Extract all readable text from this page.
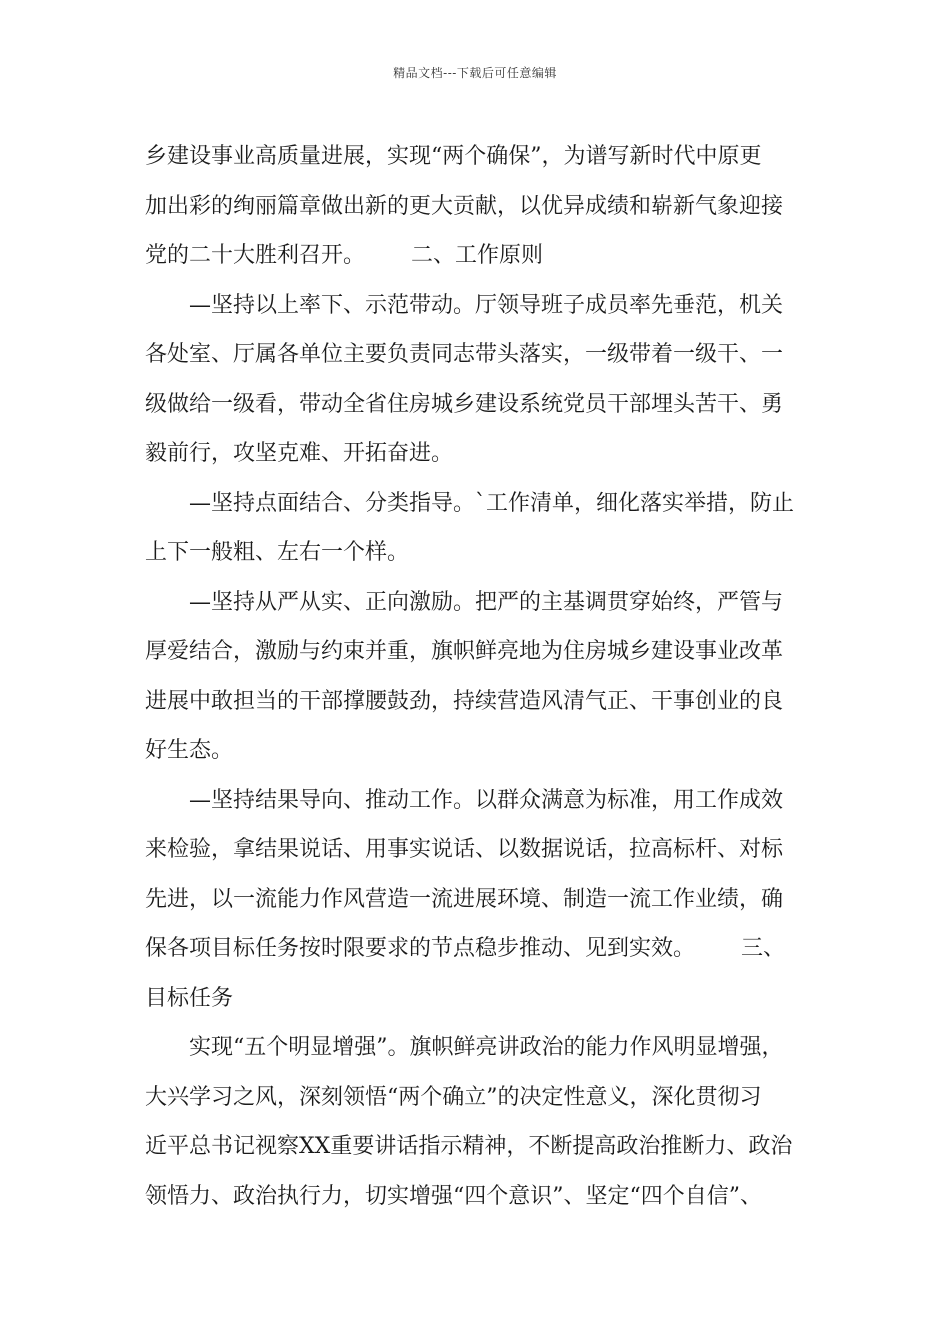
精品文档---下载后可任意编辑
乡建设事业高质量进展，实现“两个确保”，为谱写新时代中原更
加出彩的绚丽篇章做出新的更大贡献，以优异成绩和崭新气象迎接
党的二十大胜利召开。 二、工作原则
—坚持以上率下、示范带动。厅领导班子成员率先垂范，机关
各处室、厅属各单位主要负责同志带头落实，一级带着一级干、一
级做给一级看，带动全省住房城乡建设系统党员干部埋头苦干、勇
毅前行，攻坚克难、开拓奋进。
—坚持点面结合、分类指导。`工作清单，细化落实举措，防止
上下一般粗、左右一个样。
—坚持从严从实、正向激励。把严的主基调贯穿始终，严管与
厚爱结合，激励与约束并重，旗帜鲜亮地为住房城乡建设事业改革
进展中敢担当的干部撑腰鼓劲，持续营造风清气正、干事创业的良
好生态。
—坚持结果导向、推动工作。以群众满意为标准，用工作成效
来检验，拿结果说话、用事实说话、以数据说话，拉高标杆、对标
先进，以一流能力作风营造一流进展环境、制造一流工作业绩，确
保各项目标任务按时限要求的节点稳步推动、见到实效。 三、
目标任务
实现“五个明显增强”。旗帜鲜亮讲政治的能力作风明显增强，
大兴学习之风，深刻领悟“两个确立”的决定性意义，深化贯彻习
近平总书记视察XX重要讲话指示精神，不断提高政治推断力、政治
领悟力、政治执行力，切实增强“四个意识”、坚定“四个自信”、
